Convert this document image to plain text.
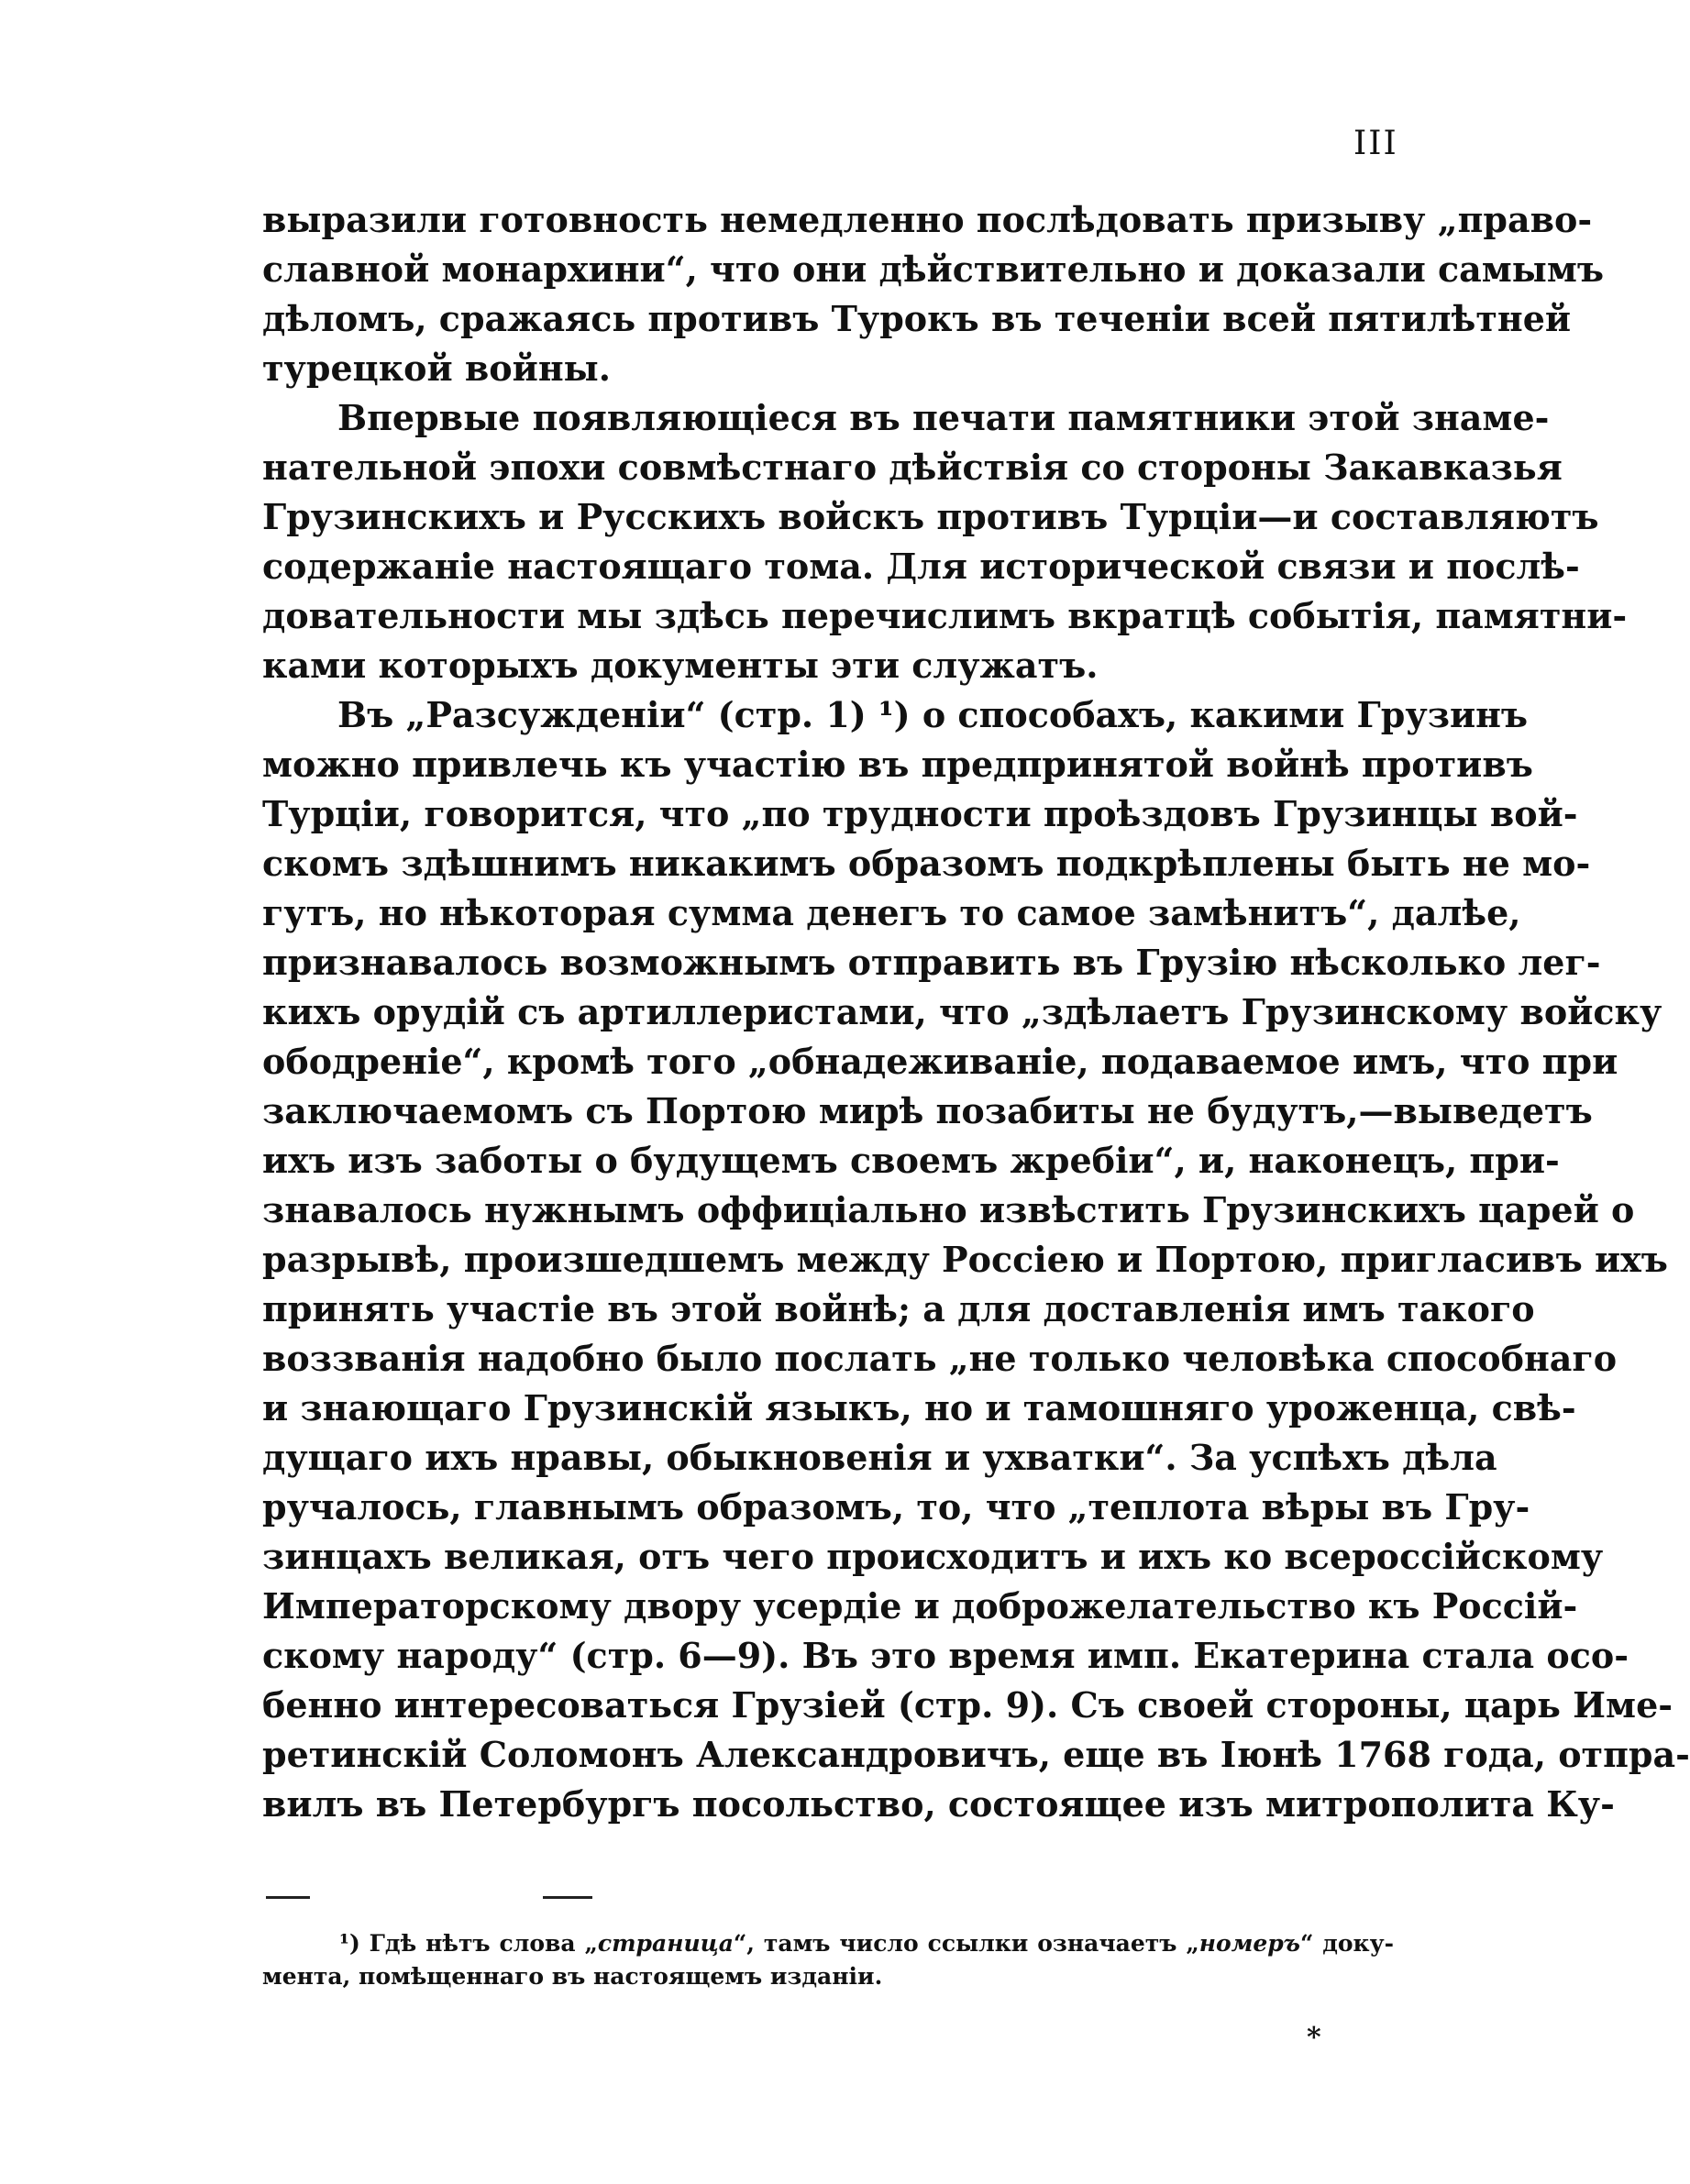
III
выразили готовность немедленно послѣдовать призыву „право-
славной монархини“, что они дѣйствительно и доказали самымъ
дѣломъ, сражаясь противъ Турокъ въ теченіи всей пятилѣтней
турецкой войны.
Впервые появляющіеся въ печати памятники этой знаме-
нательной эпохи совмѣстнаго дѣйствія со стороны Закавказья
Грузинскихъ и Русскихъ войскъ противъ Турціи—и составляютъ
содержаніе настоящаго тома. Для исторической связи и послѣ-
довательности мы здѣсь перечислимъ вкратцѣ событія, памятни-
ками которыхъ документы эти служатъ.
Въ „Разсужденіи“ (стр. 1) ¹) о способахъ, какими Грузинъ
можно привлечь къ участію въ предпринятой войнѣ противъ
Турціи, говорится, что „по трудности проѣздовъ Грузинцы вой-
скомъ здѣшнимъ никакимъ образомъ подкрѣплены быть не мо-
гутъ, но нѣкоторая сумма денегъ то самое замѣнитъ“, далѣе,
признавалось возможнымъ отправить въ Грузію нѣсколько лег-
кихъ орудій съ артиллеристами, что „здѣлаетъ Грузинскому войску
ободреніе“, кромѣ того „обнадеживаніе, подаваемое имъ, что при
заключаемомъ съ Портою мирѣ позабиты не будутъ,—выведетъ
ихъ изъ заботы о будущемъ своемъ жребіи“, и, наконецъ, при-
знавалось нужнымъ оффиціально извѣстить Грузинскихъ царей о
разрывѣ, произшедшемъ между Россіею и Портою, пригласивъ ихъ
принять участіе въ этой войнѣ; а для доставленія имъ такого
воззванія надобно было послать „не только человѣка способнаго
и знающаго Грузинскій языкъ, но и тамошняго уроженца, свѣ-
дущаго ихъ нравы, обыкновенія и ухватки“. За успѣхъ дѣла
ручалось, главнымъ образомъ, то, что „теплота вѣры въ Гру-
зинцахъ великая, отъ чего происходитъ и ихъ ко всероссійскому
Императорскому двору усердіе и доброжелательство къ Россій-
скому народу“ (стр. 6—9). Въ это время имп. Екатерина стала осо-
бенно интересоваться Грузіей (стр. 9). Съ своей стороны, царь Име-
ретинскій Соломонъ Александровичъ, еще въ Іюнѣ 1768 года, отпра-
вилъ въ Петербургъ посольство, состоящее изъ митрополита Ку-
¹) Гдѣ нѣтъ слова „страница“, тамъ число ссылки означаетъ „номеръ“ доку-
мента, помѣщеннаго въ настоящемъ изданіи.
*
